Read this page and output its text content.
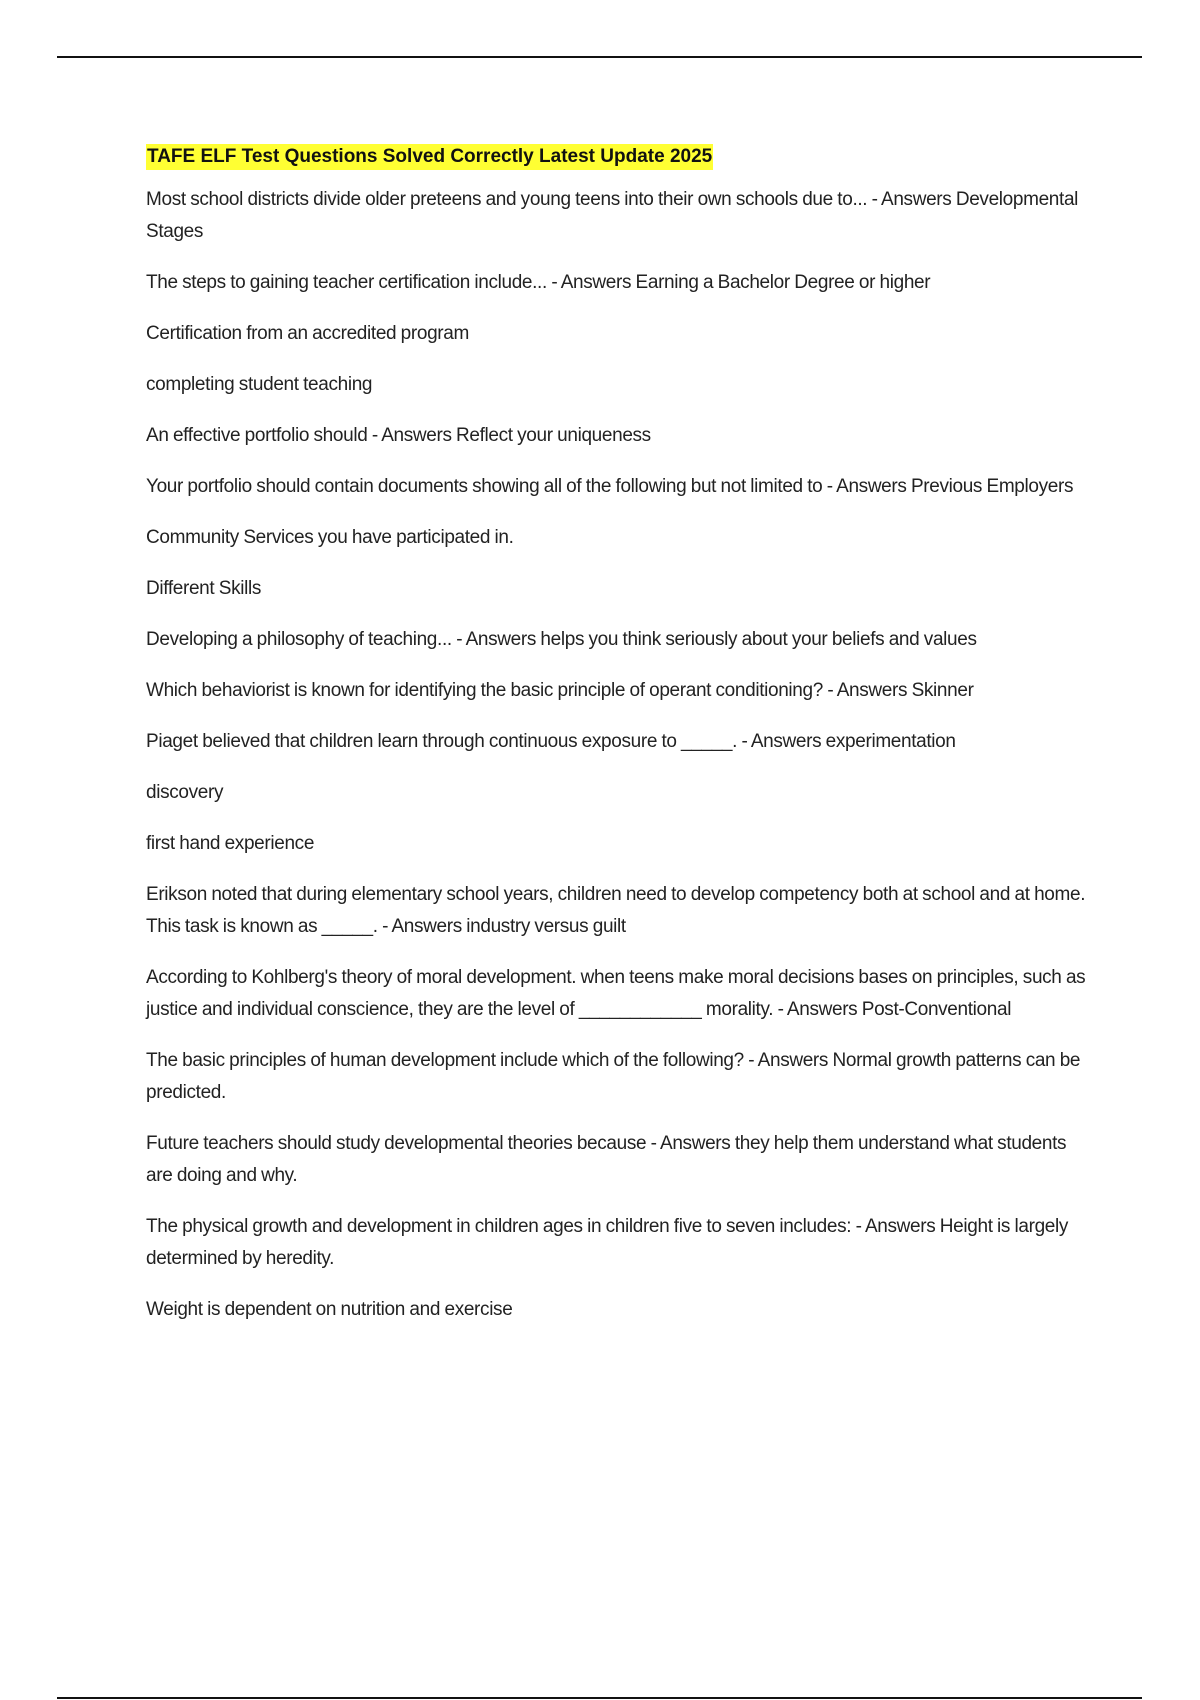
TAFE ELF Test Questions Solved Correctly Latest Update 2025

Most school districts divide older preteens and young teens into their own schools due to... - Answers Developmental Stages

The steps to gaining teacher certification include... - Answers Earning a Bachelor Degree or higher

Certification from an accredited program

completing student teaching

An effective portfolio should - Answers Reflect your uniqueness

Your portfolio should contain documents showing all of the following but not limited to - Answers Previous Employers

Community Services you have participated in.

Different Skills

Developing a philosophy of teaching... - Answers helps you think seriously about your beliefs and values

Which behaviorist is known for identifying the basic principle of operant conditioning? - Answers Skinner

Piaget believed that children learn through continuous exposure to _____. - Answers experimentation

discovery

first hand experience

Erikson noted that during elementary school years, children need to develop competency both at school and at home. This task is known as _____. - Answers industry versus guilt

According to Kohlberg's theory of moral development. when teens make moral decisions bases on principles, such as justice and individual conscience, they are the level of ____________ morality. - Answers Post-Conventional

The basic principles of human development include which of the following? - Answers Normal growth patterns can be predicted.

Future teachers should study developmental theories because - Answers they help them understand what students are doing and why.

The physical growth and development in children ages in children five to seven includes: - Answers Height is largely determined by heredity.

Weight is dependent on nutrition and exercise
